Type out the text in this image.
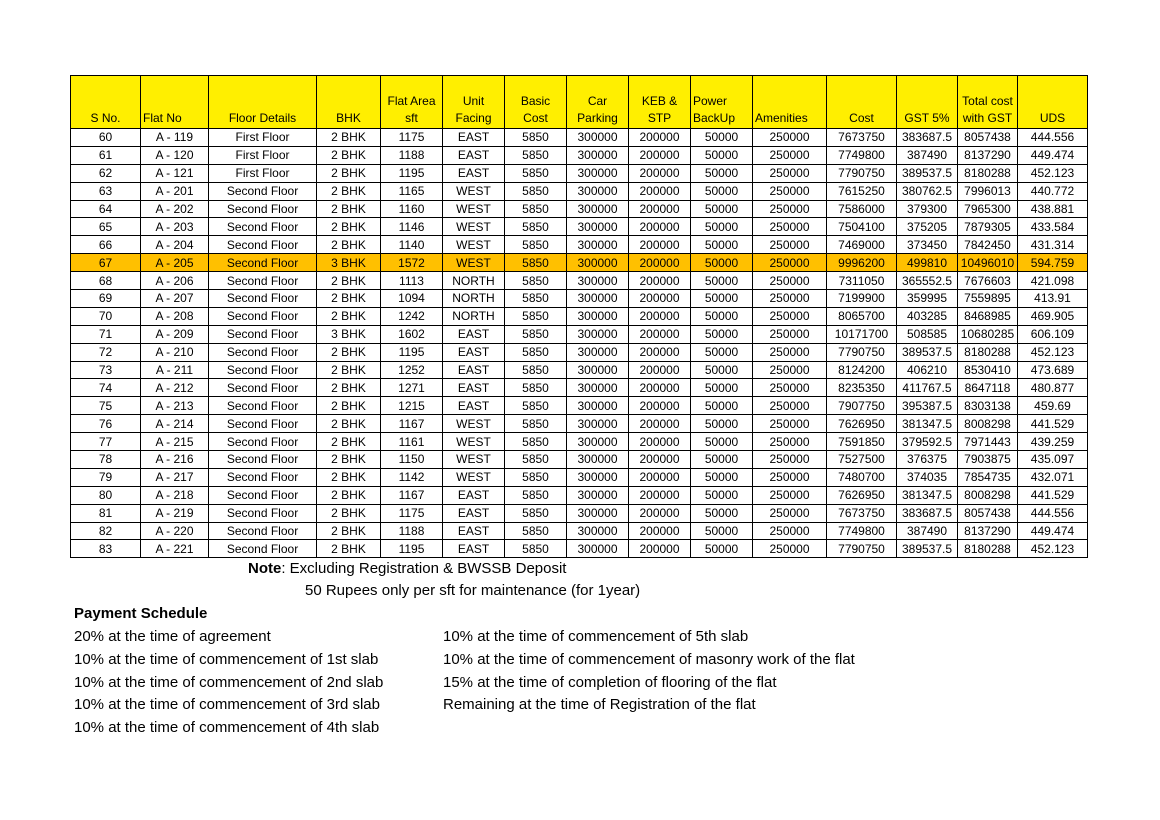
S No.	Flat No	Floor Details	BHK	Flat Area sft	Unit Facing	Basic Cost	Car Parking	KEB & STP	Power BackUp	Amenities	Cost	GST 5%	Total cost with GST	UDS
60	A - 119	First Floor	2 BHK	1175	EAST	5850	300000	200000	50000	250000	7673750	383687.5	8057438	444.556
61	A - 120	First Floor	2 BHK	1188	EAST	5850	300000	200000	50000	250000	7749800	387490	8137290	449.474
62	A - 121	First Floor	2 BHK	1195	EAST	5850	300000	200000	50000	250000	7790750	389537.5	8180288	452.123
63	A - 201	Second Floor	2 BHK	1165	WEST	5850	300000	200000	50000	250000	7615250	380762.5	7996013	440.772
64	A - 202	Second Floor	2 BHK	1160	WEST	5850	300000	200000	50000	250000	7586000	379300	7965300	438.881
65	A - 203	Second Floor	2 BHK	1146	WEST	5850	300000	200000	50000	250000	7504100	375205	7879305	433.584
66	A - 204	Second Floor	2 BHK	1140	WEST	5850	300000	200000	50000	250000	7469000	373450	7842450	431.314
67	A - 205	Second Floor	3 BHK	1572	WEST	5850	300000	200000	50000	250000	9996200	499810	10496010	594.759
68	A - 206	Second Floor	2 BHK	1113	NORTH	5850	300000	200000	50000	250000	7311050	365552.5	7676603	421.098
69	A - 207	Second Floor	2 BHK	1094	NORTH	5850	300000	200000	50000	250000	7199900	359995	7559895	413.91
70	A - 208	Second Floor	2 BHK	1242	NORTH	5850	300000	200000	50000	250000	8065700	403285	8468985	469.905
71	A - 209	Second Floor	3 BHK	1602	EAST	5850	300000	200000	50000	250000	10171700	508585	10680285	606.109
72	A - 210	Second Floor	2 BHK	1195	EAST	5850	300000	200000	50000	250000	7790750	389537.5	8180288	452.123
73	A - 211	Second Floor	2 BHK	1252	EAST	5850	300000	200000	50000	250000	8124200	406210	8530410	473.689
74	A - 212	Second Floor	2 BHK	1271	EAST	5850	300000	200000	50000	250000	8235350	411767.5	8647118	480.877
75	A - 213	Second Floor	2 BHK	1215	EAST	5850	300000	200000	50000	250000	7907750	395387.5	8303138	459.69
76	A - 214	Second Floor	2 BHK	1167	WEST	5850	300000	200000	50000	250000	7626950	381347.5	8008298	441.529
77	A - 215	Second Floor	2 BHK	1161	WEST	5850	300000	200000	50000	250000	7591850	379592.5	7971443	439.259
78	A - 216	Second Floor	2 BHK	1150	WEST	5850	300000	200000	50000	250000	7527500	376375	7903875	435.097
79	A - 217	Second Floor	2 BHK	1142	WEST	5850	300000	200000	50000	250000	7480700	374035	7854735	432.071
80	A - 218	Second Floor	2 BHK	1167	EAST	5850	300000	200000	50000	250000	7626950	381347.5	8008298	441.529
81	A - 219	Second Floor	2 BHK	1175	EAST	5850	300000	200000	50000	250000	7673750	383687.5	8057438	444.556
82	A - 220	Second Floor	2 BHK	1188	EAST	5850	300000	200000	50000	250000	7749800	387490	8137290	449.474
83	A - 221	Second Floor	2 BHK	1195	EAST	5850	300000	200000	50000	250000	7790750	389537.5	8180288	452.123
Note: Excluding Registration & BWSSB Deposit
50 Rupees only per sft for maintenance (for 1year)
Payment Schedule
20% at the time of agreement
10% at the time of commencement of 1st slab
10% at the time of commencement of 2nd slab
10% at the time of commencement of 3rd slab
10% at the time of commencement of 4th slab
10% at the time of commencement of 5th slab
10% at the time of commencement of masonry work of the flat
15% at the time of completion of flooring of the flat
Remaining at the time of Registration of the flat
